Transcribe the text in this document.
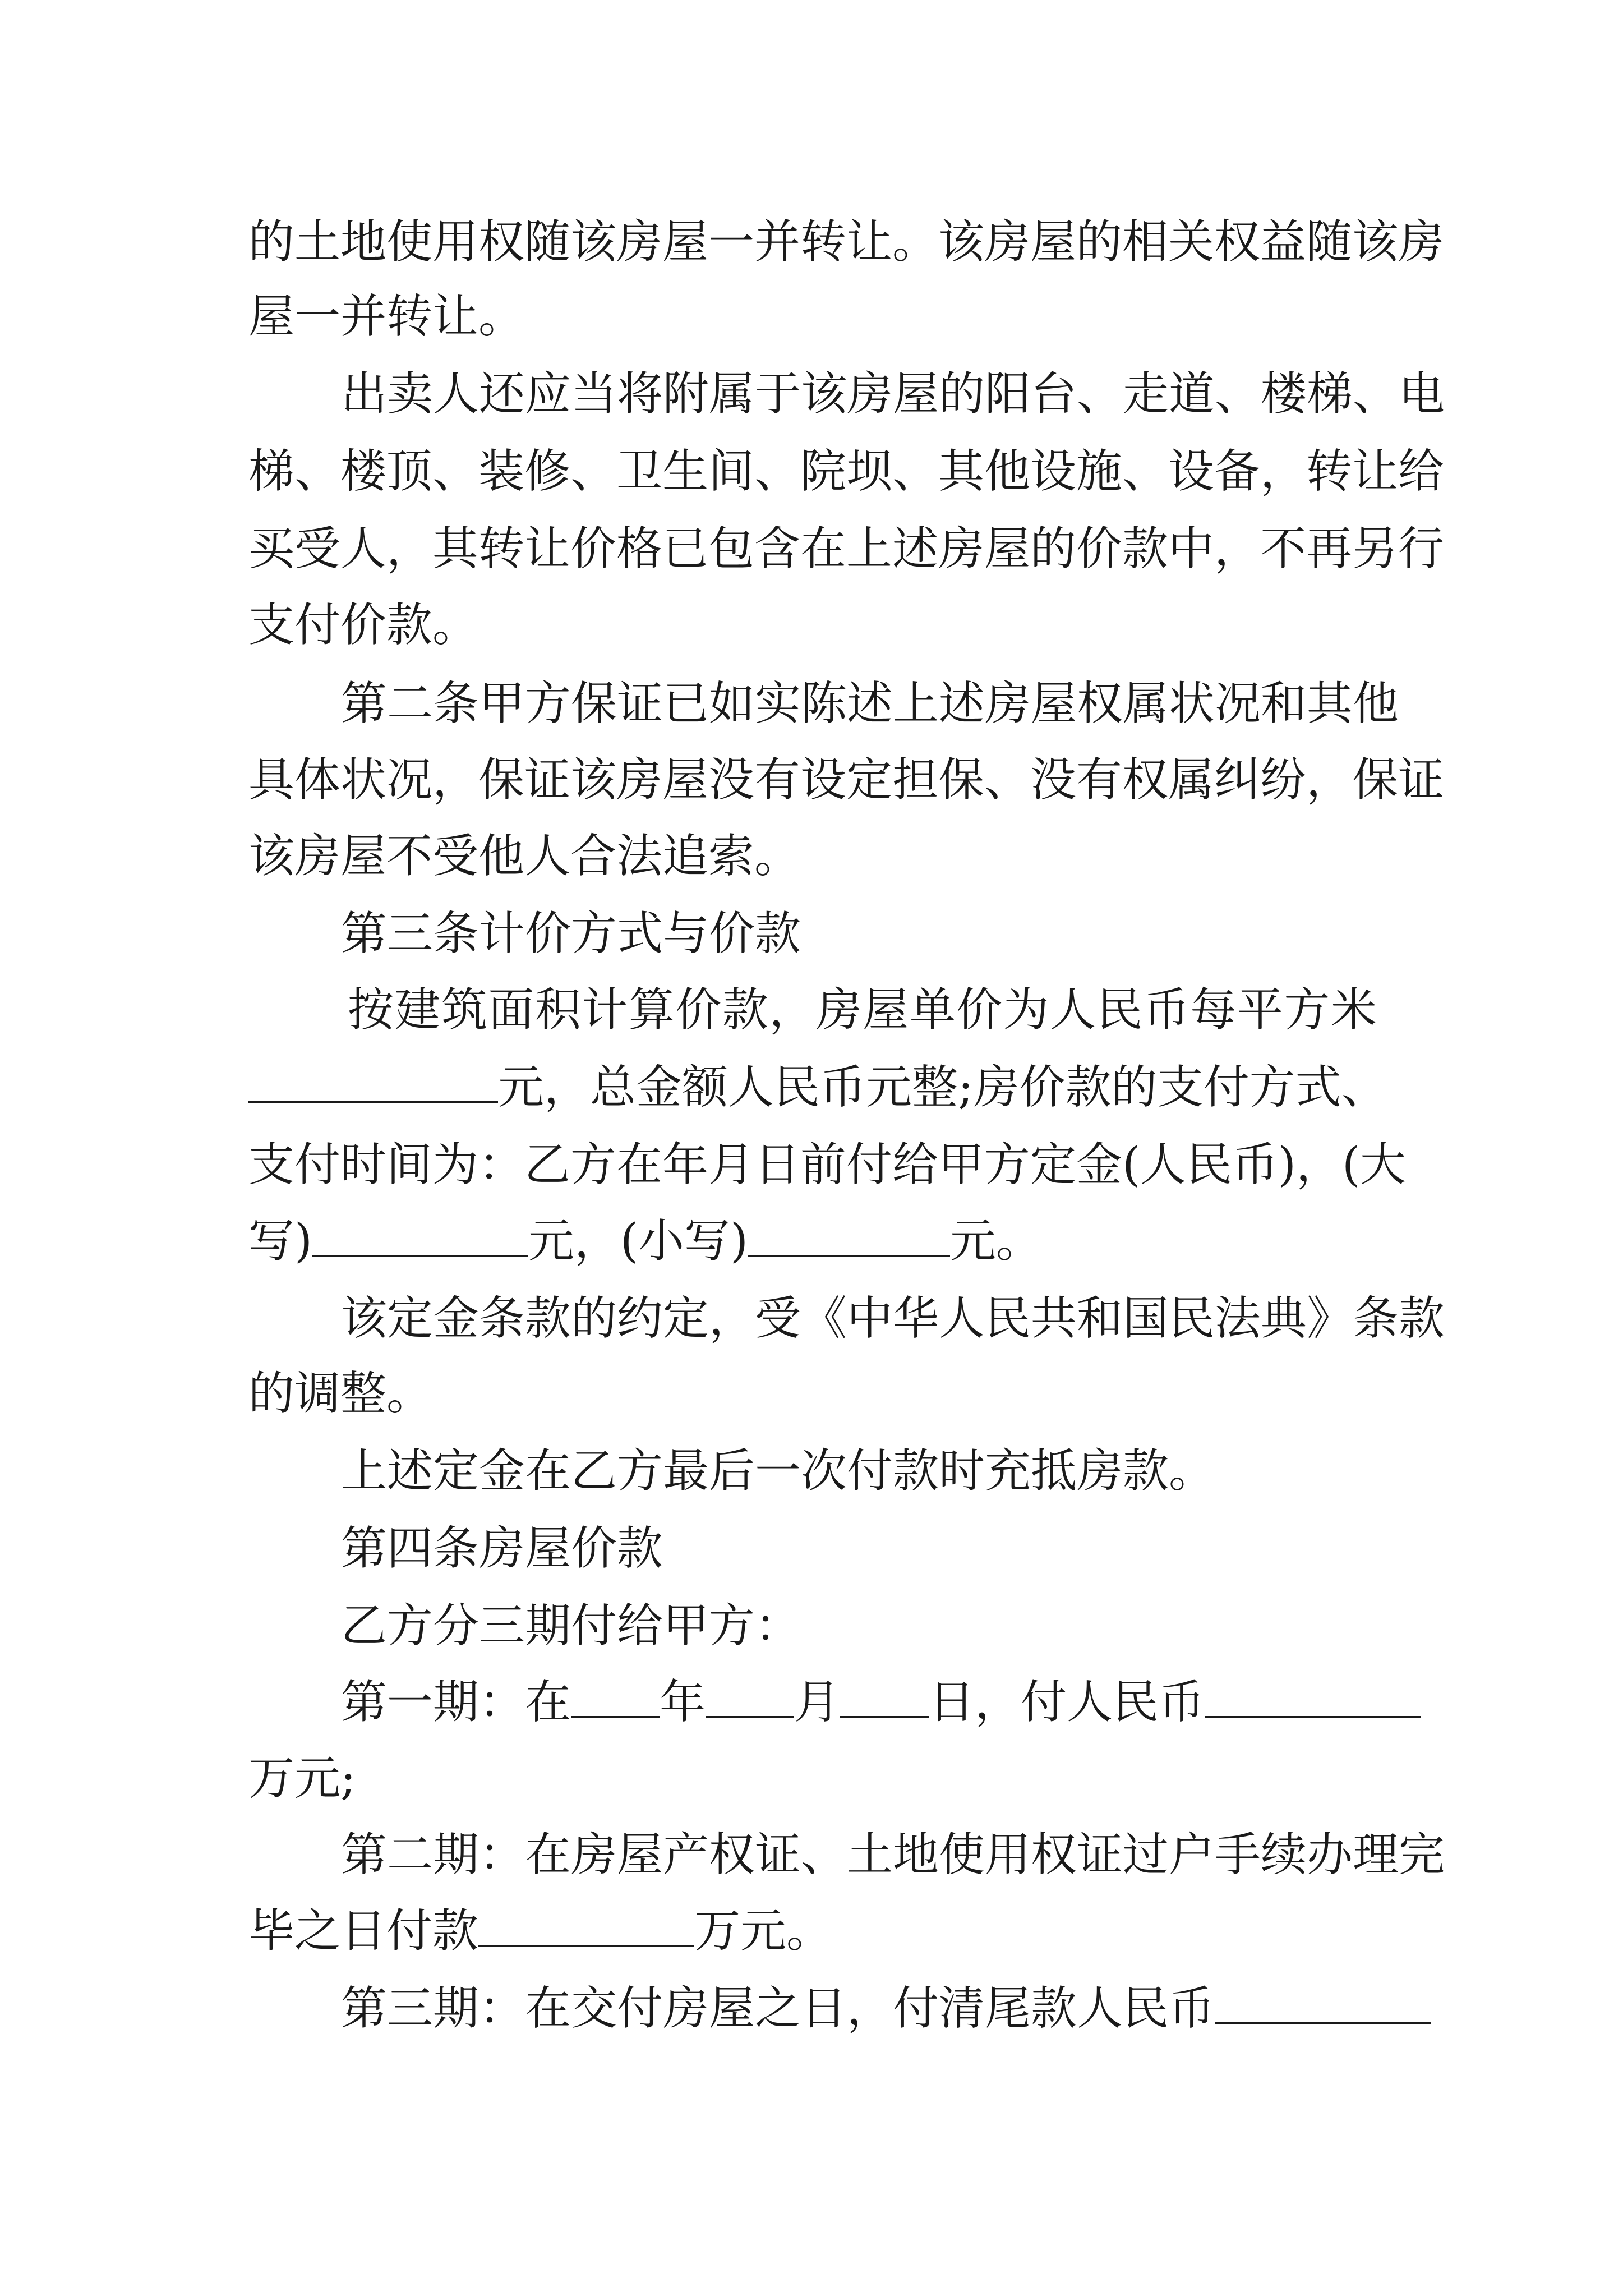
的土地使用权随该房屋一并转让。该房屋的相关权益随该房
屋一并转让。
出卖人还应当将附属于该房屋的阳台、走道、楼梯、电
梯、楼顶、装修、卫生间、院坝、其他设施、设备，转让给
买受人，其转让价格已包含在上述房屋的价款中，不再另行
支付价款。
第二条甲方保证已如实陈述上述房屋权属状况和其他
具体状况，保证该房屋没有设定担保、没有权属纠纷，保证
该房屋不受他人合法追索。
第三条计价方式与价款
按建筑面积计算价款，房屋单价为人民币每平方米
元，总金额人民币元整;房价款的支付方式、
支付时间为：乙方在年月日前付给甲方定金(人民币)，(大
写)	元，(小写)	元。
该定金条款的约定，受《中华人民共和国民法典》条款
的调整。
上述定金在乙方最后一次付款时充抵房款。
第四条房屋价款
乙方分三期付给甲方：
第一期：在 年 月 日，付人民币
万元;
第二期：在房屋产权证、土地使用权证过户手续办理完
毕之日付款	万元。
第三期：在交付房屋之日，付清尾款人民币
